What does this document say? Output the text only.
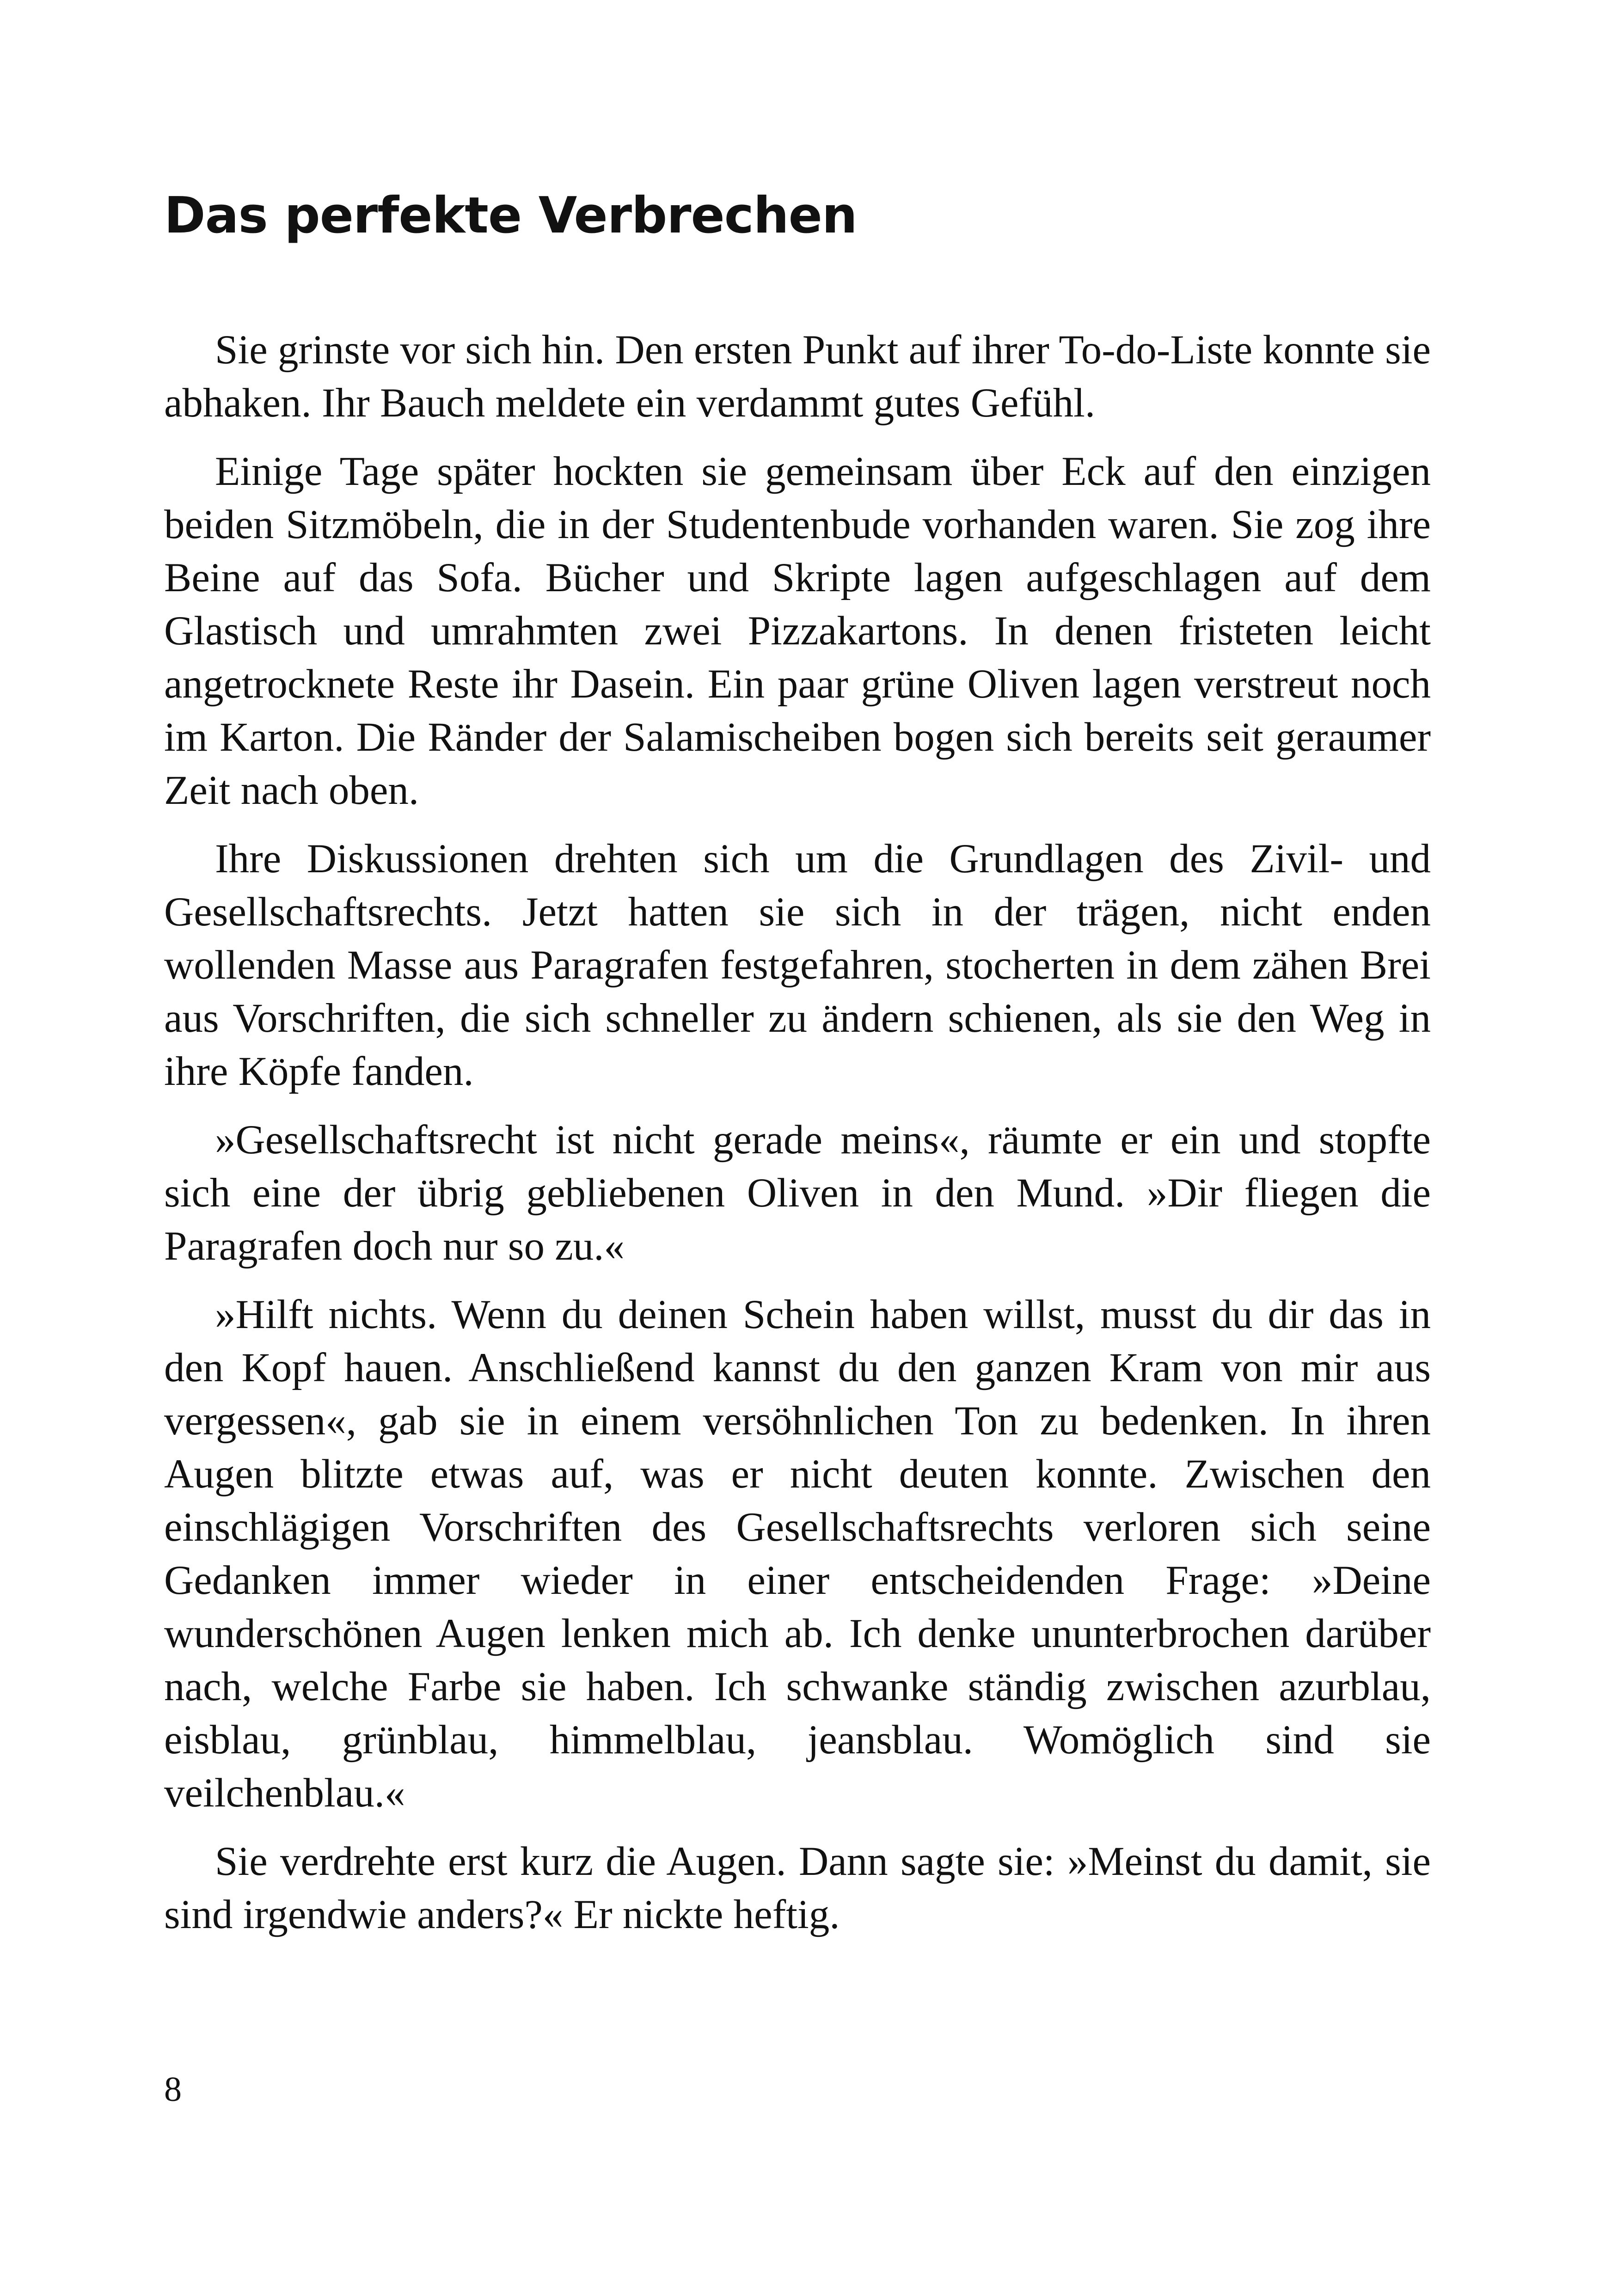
Das perfekte Verbrechen

Sie grinste vor sich hin. Den ersten Punkt auf ihrer To-do-Liste konnte sie abhaken. Ihr Bauch meldete ein verdammt gutes Gefühl.

Einige Tage später hockten sie gemeinsam über Eck auf den einzigen beiden Sitzmöbeln, die in der Studentenbude vorhanden waren. Sie zog ihre Beine auf das Sofa. Bücher und Skripte lagen aufgeschlagen auf dem Glastisch und umrahmten zwei Pizzakartons. In denen fristeten leicht angetrocknete Reste ihr Dasein. Ein paar grüne Oliven lagen verstreut noch im Karton. Die Ränder der Salamischeiben bogen sich bereits seit geraumer Zeit nach oben.

Ihre Diskussionen drehten sich um die Grundlagen des Zivil- und Gesellschaftsrechts. Jetzt hatten sie sich in der trägen, nicht enden wollenden Masse aus Paragrafen festgefahren, stocherten in dem zähen Brei aus Vorschriften, die sich schneller zu ändern schienen, als sie den Weg in ihre Köpfe fanden.

»Gesellschaftsrecht ist nicht gerade meins«, räumte er ein und stopfte sich eine der übrig gebliebenen Oliven in den Mund. »Dir fliegen die Paragrafen doch nur so zu.«

»Hilft nichts. Wenn du deinen Schein haben willst, musst du dir das in den Kopf hauen. Anschließend kannst du den ganzen Kram von mir aus vergessen«, gab sie in einem versöhnlichen Ton zu bedenken. In ihren Augen blitzte etwas auf, was er nicht deuten konnte. Zwischen den einschlägigen Vorschriften des Gesellschaftsrechts verloren sich seine Gedanken immer wieder in einer entscheidenden Frage: »Deine wunderschönen Augen lenken mich ab. Ich denke ununterbrochen darüber nach, welche Farbe sie haben. Ich schwanke ständig zwischen azurblau, eisblau, grünblau, himmelblau, jeansblau. Womöglich sind sie veilchenblau.«

Sie verdrehte erst kurz die Augen. Dann sagte sie: »Meinst du damit, sie sind irgendwie anders?« Er nickte heftig.

8
